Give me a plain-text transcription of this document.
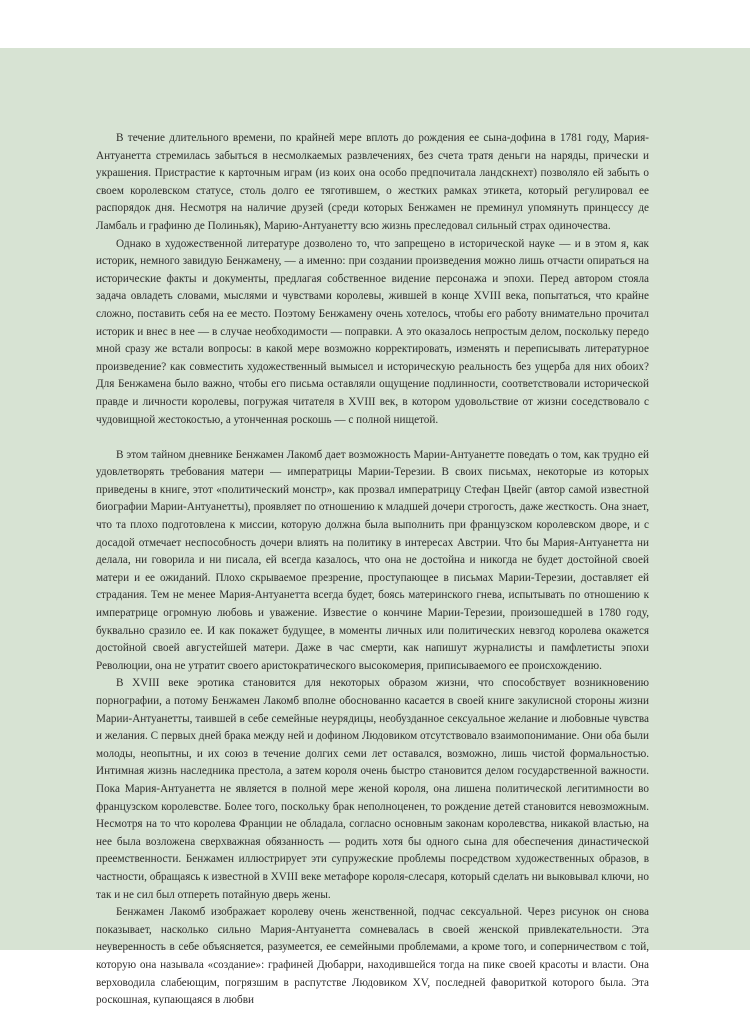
В течение длительного времени, по крайней мере вплоть до рождения ее сына-дофина в 1781 году, Мария-Антуанетта стремилась забыться в несмолкаемых развлечениях, без счета тратя деньги на наряды, прически и украшения. Пристрастие к карточным играм (из коих она особо предпочитала ландскнехт) позволяло ей забыть о своем королевском статусе, столь долго ее тяготившем, о жестких рамках этикета, который регулировал ее распорядок дня. Несмотря на наличие друзей (среди которых Бенжамен не преминул упомянуть принцессу де Ламбаль и графиню де Полиньяк), Марию-Антуанетту всю жизнь преследовал сильный страх одиночества.

Однако в художественной литературе дозволено то, что запрещено в исторической науке — и в этом я, как историк, немного завидую Бенжамену, — а именно: при создании произведения можно лишь отчасти опираться на исторические факты и документы, предлагая собственное видение персонажа и эпохи. Перед автором стояла задача овладеть словами, мыслями и чувствами королевы, жившей в конце XVIII века, попытаться, что крайне сложно, поставить себя на ее место. Поэтому Бенжамену очень хотелось, чтобы его работу внимательно прочитал историк и внес в нее — в случае необходимости — поправки. А это оказалось непростым делом, поскольку передо мной сразу же встали вопросы: в какой мере возможно корректировать, изменять и переписывать литературное произведение? как совместить художественный вымысел и историческую реальность без ущерба для них обоих? Для Бенжамена было важно, чтобы его письма оставляли ощущение подлинности, соответствовали исторической правде и личности королевы, погружая читателя в XVIII век, в котором удовольствие от жизни соседствовало с чудовищной жестокостью, а утонченная роскошь — с полной нищетой.

В этом тайном дневнике Бенжамен Лакомб дает возможность Марии-Антуанетте поведать о том, как трудно ей удовлетворять требования матери — императрицы Марии-Терезии. В своих письмах, некоторые из которых приведены в книге, этот «политический монстр», как прозвал императрицу Стефан Цвейг (автор самой известной биографии Марии-Антуанетты), проявляет по отношению к младшей дочери строгость, даже жесткость. Она знает, что та плохо подготовлена к миссии, которую должна была выполнить при французском королевском дворе, и с досадой отмечает неспособность дочери влиять на политику в интересах Австрии. Что бы Мария-Антуанетта ни делала, ни говорила и ни писала, ей всегда казалось, что она не достойна и никогда не будет достойной своей матери и ее ожиданий. Плохо скрываемое презрение, проступающее в письмах Марии-Терезии, доставляет ей страдания. Тем не менее Мария-Антуанетта всегда будет, боясь материнского гнева, испытывать по отношению к императрице огромную любовь и уважение. Известие о кончине Марии-Терезии, произошедшей в 1780 году, буквально сразило ее. И как покажет будущее, в моменты личных или политических невзгод королева окажется достойной своей августейшей матери. Даже в час смерти, как напишут журналисты и памфлетисты эпохи Революции, она не утратит своего аристократического высокомерия, приписываемого ее происхождению.

В XVIII веке эротика становится для некоторых образом жизни, что способствует возникновению порнографии, а потому Бенжамен Лакомб вполне обоснованно касается в своей книге закулисной стороны жизни Марии-Антуанетты, таившей в себе семейные неурядицы, необузданное сексуальное желание и любовные чувства и желания. С первых дней брака между ней и дофином Людовиком отсутствовало взаимопонимание. Они оба были молоды, неопытны, и их союз в течение долгих семи лет оставался, возможно, лишь чистой формальностью. Интимная жизнь наследника престола, а затем короля очень быстро становится делом государственной важности. Пока Мария-Антуанетта не является в полной мере женой короля, она лишена политической легитимности во французском королевстве. Более того, поскольку брак неполноценен, то рождение детей становится невозможным. Несмотря на то что королева Франции не обладала, согласно основным законам королевства, никакой властью, на нее была возложена сверхважная обязанность — родить хотя бы одного сына для обеспечения династической преемственности. Бенжамен иллюстрирует эти супружеские проблемы посредством художественных образов, в частности, обращаясь к известной в XVIII веке метафоре короля-слесаря, который сделать ни выковывал ключи, но так и не сил был отпереть потайную дверь жены.

Бенжамен Лакомб изображает королеву очень женственной, подчас сексуальной. Через рисунок он снова показывает, насколько сильно Мария-Антуанетта сомневалась в своей женской привлекательности. Эта неуверенность в себе объясняется, разумеется, ее семейными проблемами, а кроме того, и соперничеством с той, которую она называла «создание»: графиней Дюбарри, находившейся тогда на пике своей красоты и власти. Она верховодила слабеющим, погрязшим в распутстве Людовиком XV, последней фавориткой которого была. Эта роскошная, купающаяся в любви
